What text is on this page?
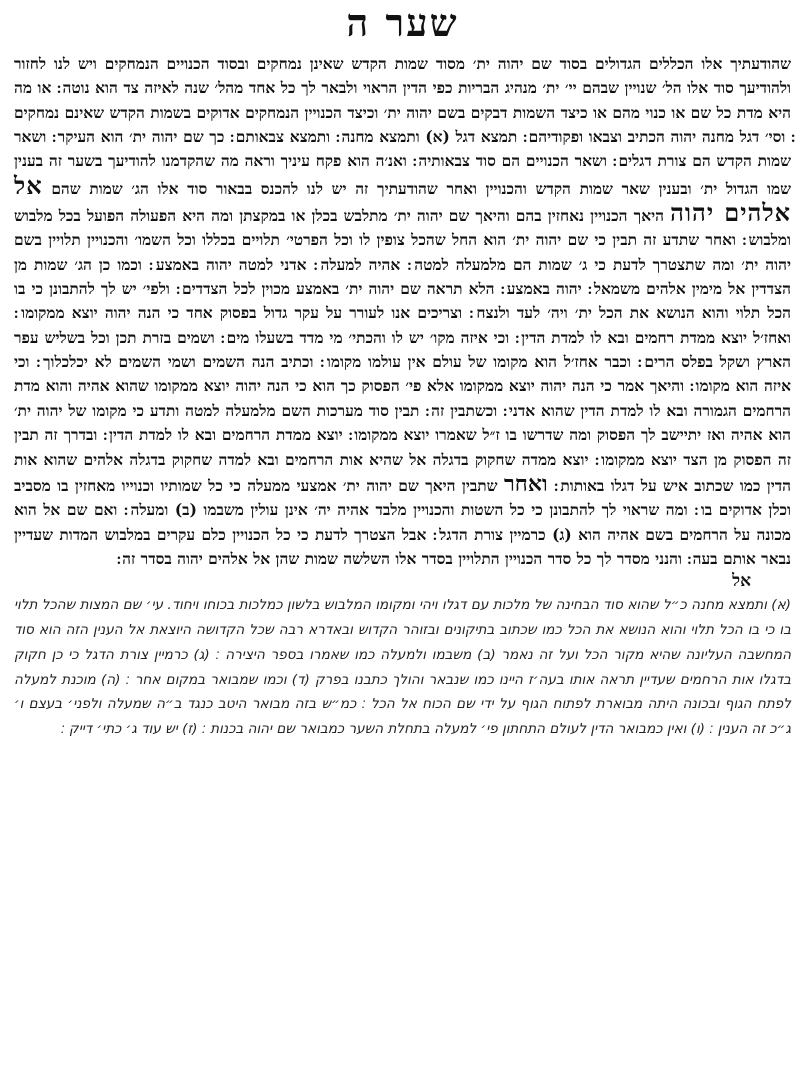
שער ה
שהודעתיך אלו הכללים הגדולים בסוד שם יהוה ית׳ מסוד שמות הקדש שאינן נמחקים ובסוד הכנויים הנמחקים ויש לנו לחזור ולהודיעך סוד אלו הל׳ שנויין שבהם יי׳ ית׳ מנהיג הבריות כפי הדין הראוי ולבאר לך כל אחד מהל׳ שנה לאיזה צד הוא נוטה ׃ או מה היא מדת כל שם או כנוי מהם או כיצד השמות דבקים בשם יהוה ית׳ וכיצד הכנויין הנמחקים אדוקים בשמות הקדש שאינם נמחקים ׃ וסי׳ דגל מחנה יהוה הכתיב וצבאו ופקודיהם ׃ תמצא דגל (א) ותמצא מחנה ׃ ותמצא צבאותם ׃ כך שם יהוה ית׳ הוא העיקר ׃ ושאר שמות הקדש הם צורת דגלים ׃ ושאר הכנויים הם סוד צבאותיה ׃ ואנ׳ה הוא פקח עיניך וראה מה שהקדמנו להודיעך בשער זה בענין שמו הגדול ית׳ ובענין שאר שמות הקדש והכנויין ואחר שהודעתיך זה יש לנו להכנס בבאור סוד אלו הג׳ שמות שהם אל אלהים יהוה היאך הכנויין נאחזין בהם והיאך שם יהוה ית׳ מתלבש בכלן או במקצתן ומה היא הפעולה הפועל בכל מלבוש ומלבוש ׃ ואחר שתדע זה תבין כי שם יהוה ית׳ הוא החל שהכל צופין לו וכל הפרטי׳ תלויים בכללו וכל השמו׳ והכנויין תלויין בשם יהוה ית׳ ומה שתצטרך לדעת כי ג׳ שמות הם מלמעלה למטה ׃ אהיה למעלה ׃ אדני למטה יהוה באמצע ׃ וכמו כן הג׳ שמות מן הצדדין אל מימין אלהים משמאל ׃ יהוה באמצע ׃ הלא תראה שם יהוה ית׳ באמצע מכוין לכל הצדדים ׃ ולפי׳ יש לך להתבונן כי בו הכל תלוי והוא הנושא את הכל ית׳ ויה׳ לעד ולנצח ׃ וצריכים אנו לעורר על עקר גדול בפסוק אחד כי הנה יהוה יוצא ממקומו ׃ ואחז׳ל יוצא ממדת רחמים ובא לו למדת הדין ׃ וכי איזה מקו׳ יש לו והכתי׳ מי מדד בשעלו מים ׃ ושמים בזרת תכן וכל בשליש עפר הארץ ושקל בפלס הרים ׃ וכבר אחז׳ל הוא מקומו של עולם אין עולמו מקומו ׃ וכתיב הנה השמים ושמי השמים לא יכלכלוך ׃ וכי איזה הוא מקומו ׃ והיאך אמר כי הנה יהוה יוצא ממקומו אלא פי׳ הפסוק כך הוא כי הנה יהוה יוצא ממקומו שהוא אהיה והוא מדת הרחמים הגמורה ובא לו למדת הדין שהוא אדני ׃ וכשתבין זה ׃ תבין סוד מערכות השם מלמעלה למטה ותדע כי מקומו של יהוה ית׳ הוא אהיה ואז יתיישב לך הפסוק ומה שדרשו בו ז״ל שאמרו יוצא ממקומו ׃ יוצא ממדת הרחמים ובא לו למדת הדין ׃ ובדרך זה תבין זה הפסוק מן הצד יוצא ממקומו ׃ יוצא ממדה שחקוק בדגלה אל שהיא אות הרחמים ובא למדה שחקוק בדגלה אלהים שהוא אות הדין כמו שכתוב איש על דגלו באותות ׃ ואחר שתבין היאך שם יהוה ית׳ אמצעי ממעלה כי כל שמותיו וכנוייו מאחזין בו מסביב וכלן אדוקים בו ׃ ומה שראוי לך להתבונן כי כל השטות והכנויין מלבד אהיה יה׳ אינן עולין משבמו (ב) ומעלה ׃ ואם שם אל הוא מכונה על הרחמים בשם אהיה הוא (ג) כרמיין צורת הדגל ׃ אבל הצטרך לדעת כי כל הכנויין כלם עקרים במלבוש המדות שעדיין נבאר אותם בעה ׃ והנני מסדר לך כל סדר הכנויין התלויין בסדר אלו השלשה שמות שהן אל אלהים יהוה בסדר זה ׃
אל
(א) ותמצא מחנה כ״ל שהוא סוד הבחינה של מלכות עם דגלו ויהי ומקומו המלבוש בלשון כמלכות בכוחו ויחוד. עי׳ שם המצות שהכל תלוי בו כי בו הכל תלוי והוא הנושא את הכל כמו שכתוב בתיקונים ובזוהר הקדוש ובאדרא רבה שכל הקדושה היוצאת אל הענין הזה הוא סוד המחשבה העליונה שהיא מקור הכל ועל זה נאמר (ב) משבמו ולמעלה כמו שאמרו בספר היצירה ׃ (ג) כרמיין צורת הדגל כי כן חקוק בדגלו אות הרחמים שעדיין תראה אותו בעה׳ז היינו כמו שנבאר והולך כתבנו בפרק (ד) וכמו שמבואר במקום אחר ׃ (ה) מוכנת למעלה לפתח הגוף ובכונה היתה מבוארת לפתוח הגוף על ידי שם הכוח אל הכל ׃ כמ״ש בזה מבואר היטב כנגד ב״ה שמעלה ולפני׳ בעצם ו׳ ג״כ זה הענין ׃ (ו) ואין כמבואר הדין לעולם התחתון פי׳ למעלה בתחלת השער כמבואר שם יהוה בכנות ׃ (ז) יש עוד ג׳ כתי׳ דייק ׃
